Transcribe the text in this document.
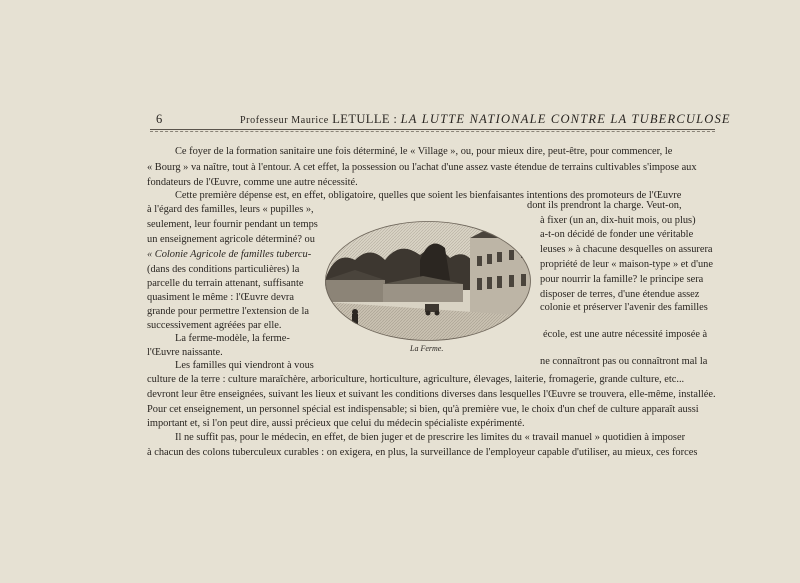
6	Professeur Maurice LETULLE : LA LUTTE NATIONALE CONTRE LA TUBERCULOSE
Ce foyer de la formation sanitaire une fois déterminé, le « Village », ou, pour mieux dire, peut-être, pour commencer, le
« Bourg » va naître, tout à l'entour. A cet effet, la possession ou l'achat d'une assez vaste étendue de terrains cultivables s'impose aux
fondateurs de l'Œuvre, comme une autre nécessité.
Cette première dépense est, en effet, obligatoire, quelles que soient les bienfaisantes intentions des promoteurs de l'Œuvre
à l'égard des familles, leurs « pupilles »,	dont ils prendront la charge. Veut-on,
seulement, leur fournir pendant un temps	à fixer (un an, dix-huit mois, ou plus)
un enseignement agricole déterminé? ou	a-t-on décidé de fonder une véritable
« Colonie Agricole de familles tubercu-	leuses » à chacune desquelles on assurera
(dans des conditions particulières) la	propriété de leur « maison-type » et d'une
parcelle du terrain attenant, suffisante	pour nourrir la famille? le principe sera
quasiment le même : l'Œuvre devra	disposer de terres, d'une étendue assez
grande pour permettre l'extension de la	colonie et préserver l'avenir des familles
successivement agréées par elle.
La ferme-modèle, la ferme-	école, est une autre nécessité imposée à
l'Œuvre naissante.
Les familles qui viendront à vous	ne connaîtront pas ou connaîtront mal la
culture de la terre : culture maraîchère, arboriculture, horticulture, agriculture, élevages, laiterie, fromagerie, grande culture, etc...
devront leur être enseignées, suivant les lieux et suivant les conditions diverses dans lesquelles l'Œuvre se trouvera, elle-même, installée.
Pour cet enseignement, un personnel spécial est indispensable; si bien, qu'à première vue, le choix d'un chef de culture apparaît aussi
important et, si l'on peut dire, aussi précieux que celui du médecin spécialiste expérimenté.
Il ne suffit pas, pour le médecin, en effet, de bien juger et de prescrire les limites du « travail manuel » quotidien à imposer
à chacun des colons tuberculeux curables : on exigera, en plus, la surveillance de l'employeur capable d'utiliser, au mieux, ces forces
La Ferme.
